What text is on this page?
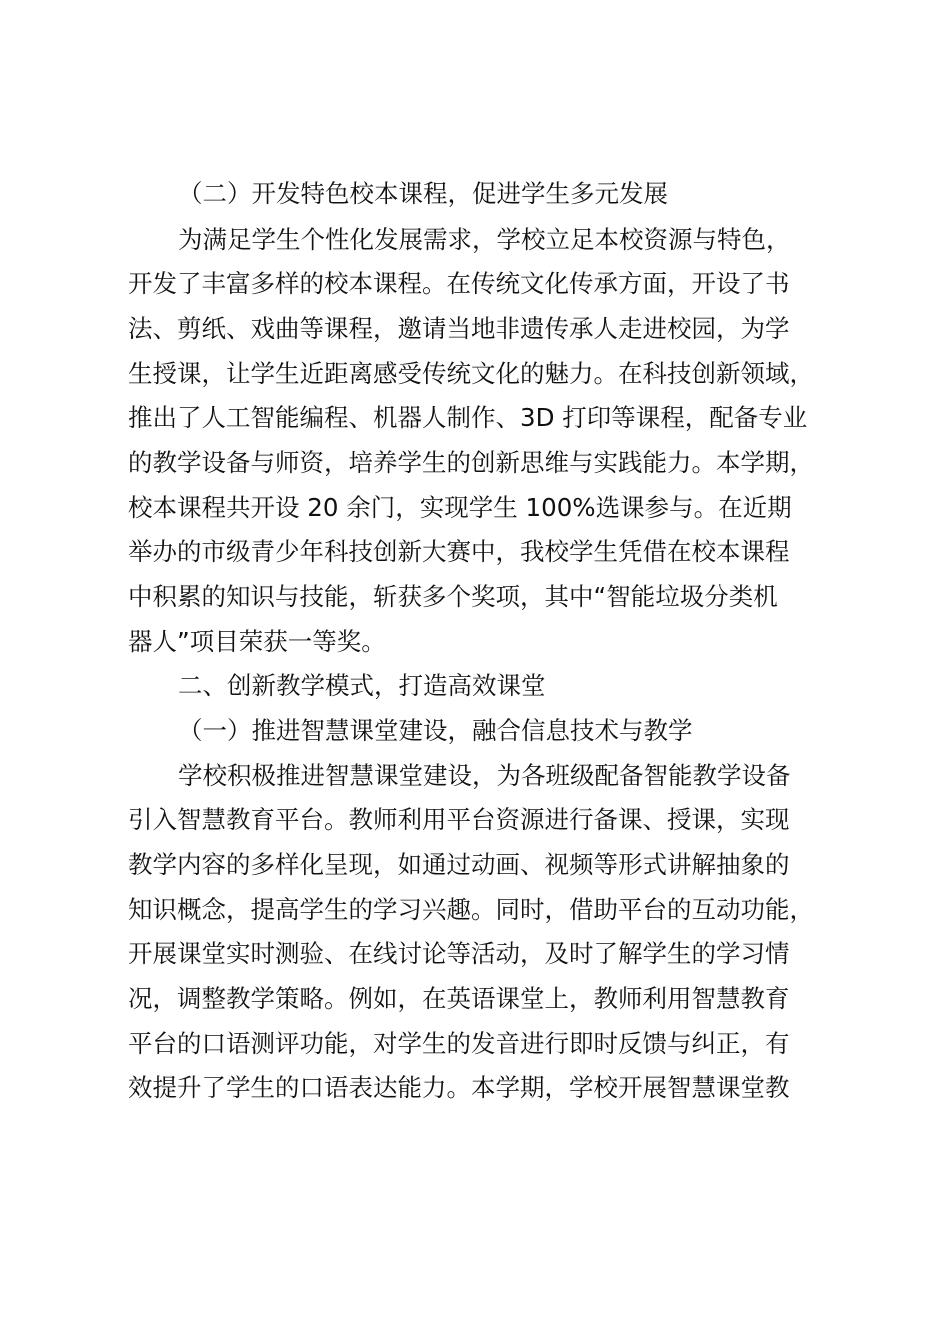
（二）开发特色校本课程，促进学生多元发展
为满足学生个性化发展需求，学校立足本校资源与特色，
开发了丰富多样的校本课程。在传统文化传承方面，开设了书
法、剪纸、戏曲等课程，邀请当地非遗传承人走进校园，为学
生授课，让学生近距离感受传统文化的魅力。在科技创新领域，
推出了人工智能编程、机器人制作、3D 打印等课程，配备专业
的教学设备与师资，培养学生的创新思维与实践能力。本学期，
校本课程共开设 20 余门，实现学生 100%选课参与。在近期
举办的市级青少年科技创新大赛中，我校学生凭借在校本课程
中积累的知识与技能，斩获多个奖项，其中“智能垃圾分类机
器人”项目荣获一等奖。
二、创新教学模式，打造高效课堂
（一）推进智慧课堂建设，融合信息技术与教学
学校积极推进智慧课堂建设，为各班级配备智能教学设备
引入智慧教育平台。教师利用平台资源进行备课、授课，实现
教学内容的多样化呈现，如通过动画、视频等形式讲解抽象的
知识概念，提高学生的学习兴趣。同时，借助平台的互动功能，
开展课堂实时测验、在线讨论等活动，及时了解学生的学习情
况，调整教学策略。例如，在英语课堂上，教师利用智慧教育
平台的口语测评功能，对学生的发音进行即时反馈与纠正，有
效提升了学生的口语表达能力。本学期，学校开展智慧课堂教
